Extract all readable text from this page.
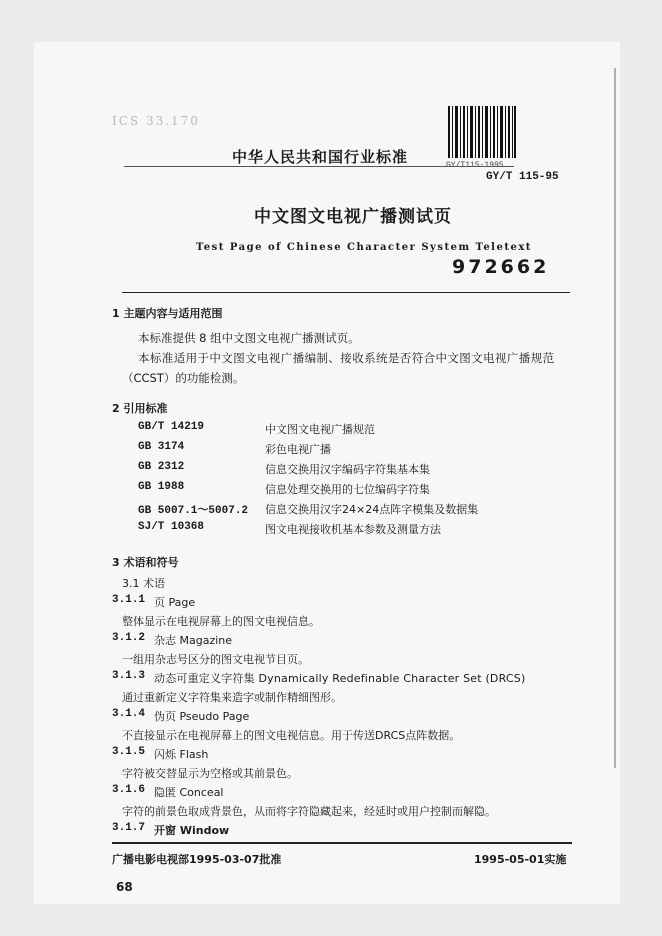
ICS 33.170
中华人民共和国行业标准
GY/T 115-95
中文图文电视广播测试页
Test Page of Chinese Character System Teletext
972662
1 主题内容与适用范围
本标准提供 8 组中文图文电视广播测试页。
本标准适用于中文图文电视广播编制、接收系统是否符合中文图文电视广播规范
（CCST）的功能检测。
2 引用标准
GB/T 14219	中文图文电视广播规范
GB 3174	彩色电视广播
GB 2312	信息交换用汉字编码字符集基本集
GB 1988	信息处理交换用的七位编码字符集
GB 5007.1～5007.2 信息交换用汉字24×24点阵字模集及数据集
SJ/T 10368	图文电视接收机基本参数及测量方法
3 术语和符号
3.1 术语
3.1.1 页 Page
整体显示在电视屏幕上的图文电视信息。
3.1.2 杂志 Magazine
一组用杂志号区分的图文电视节目页。
3.1.3 动态可重定义字符集 Dynamically Redefinable Character Set (DRCS)
通过重新定义字符集来造字或制作精细图形。
3.1.4 伪页 Pseudo Page
不直接显示在电视屏幕上的图文电视信息。用于传送DRCS点阵数据。
3.1.5 闪烁 Flash
字符被交替显示为空格或其前景色。
3.1.6 隐匿 Conceal
字符的前景色取成背景色，从而将字符隐藏起来，经延时或用户控制而解隐。
3.1.7 开窗 Window
广播电影电视部1995-03-07批准	1995-05-01实施
68
